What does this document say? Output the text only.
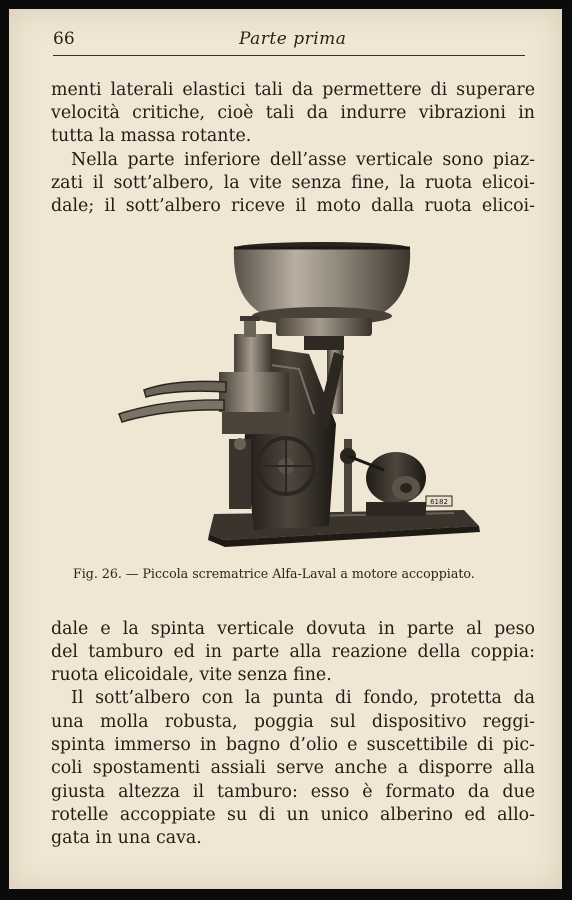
66	Parte prima
menti laterali elastici tali da permettere di superare
velocità critiche, cioè tali da indurre vibrazioni in
tutta la massa rotante.
Nella parte inferiore dell’asse verticale sono piaz-
zati il sott’albero, la vite senza fine, la ruota elicoi-
dale; il sott’albero riceve il moto dalla ruota elicoi-
6182
Fig. 26. — Piccola scrematrice Alfa-Laval a motore accoppiato.
dale e la spinta verticale dovuta in parte al peso
del tamburo ed in parte alla reazione della coppia:
ruota elicoidale, vite senza fine.
Il sott’albero con la punta di fondo, protetta da
una molla robusta, poggia sul dispositivo reggi-
spinta immerso in bagno d’olio e suscettibile di pic-
coli spostamenti assiali serve anche a disporre alla
giusta altezza il tamburo: esso è formato da due
rotelle accoppiate su di un unico alberino ed allo-
gata in una cava.
